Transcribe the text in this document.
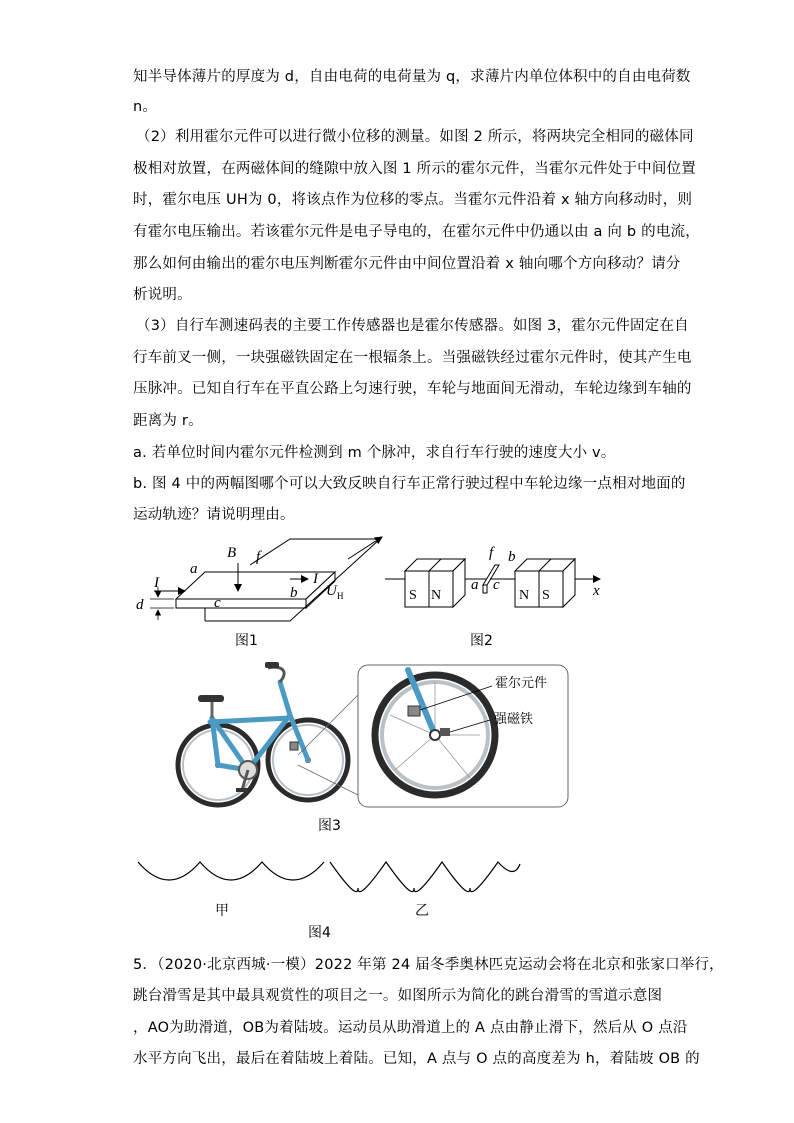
知半导体薄片的厚度为 d，自由电荷的电荷量为 q，求薄片内单位体积中的自由电荷数
n。
（2）利用霍尔元件可以进行微小位移的测量。如图 2 所示，将两块完全相同的磁体同
极相对放置，在两磁体间的缝隙中放入图 1 所示的霍尔元件，当霍尔元件处于中间位置
时，霍尔电压 UH为 0，将该点作为位移的零点。当霍尔元件沿着 x 轴方向移动时，则
有霍尔电压输出。若该霍尔元件是电子导电的，在霍尔元件中仍通以由 a 向 b 的电流，
那么如何由输出的霍尔电压判断霍尔元件由中间位置沿着 x 轴向哪个方向移动？请分
析说明。
（3）自行车测速码表的主要工作传感器也是霍尔传感器。如图 3，霍尔元件固定在自
行车前叉一侧，一块强磁铁固定在一根辐条上。当强磁铁经过霍尔元件时，使其产生电
压脉冲。已知自行车在平直公路上匀速行驶，车轮与地面间无滑动，车轮边缘到车轴的
距离为 r。
a. 若单位时间内霍尔元件检测到 m 个脉冲，求自行车行驶的速度大小 v。
b. 图 4 中的两幅图哪个可以大致反映自行车正常行驶过程中车轮边缘一点相对地面的
运动轨迹？请说明理由。
I
a
B f
I
b
c
d
U H
图1
S N	N S
f b
a c	x
图2
霍尔元件
强磁铁
图3
甲	乙
图4
5．（2020·北京西城·一模）2022 年第 24 届冬季奥林匹克运动会将在北京和张家口举行，
跳台滑雪是其中最具观赏性的项目之一。如图所示为简化的跳台滑雪的雪道示意图
，AO为助滑道，OB为着陆坡。运动员从助滑道上的 A 点由静止滑下，然后从 O 点沿
水平方向飞出，最后在着陆坡上着陆。已知，A 点与 O 点的高度差为 h，着陆坡 OB 的
